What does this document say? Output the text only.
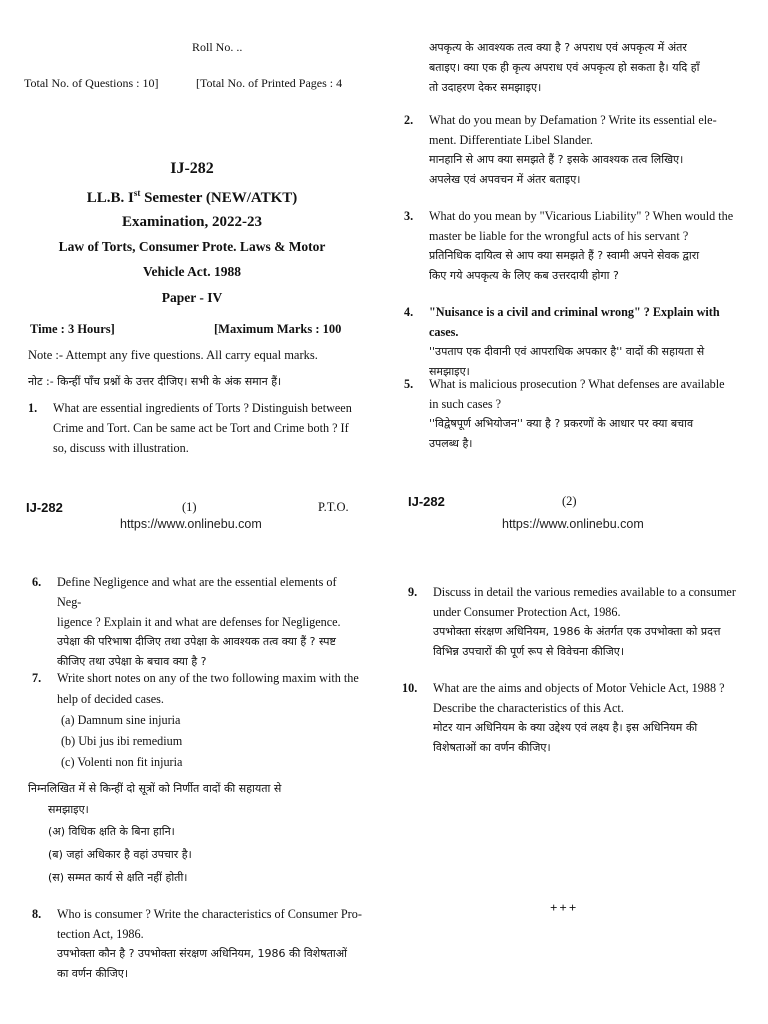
Roll No. ..
Total No. of Questions : 10]	[Total No. of Printed Pages : 4
IJ-282
LL.B. Ist Semester (NEW/ATKT)
Examination, 2022-23
Law of Torts, Consumer Prote. Laws & Motor
Vehicle Act. 1988
Paper - IV
Time : 3 Hours]	[Maximum Marks : 100
Note :- Attempt any five questions. All carry equal marks.
नोट :- किन्हीं पाँच प्रश्नों के उत्तर दीजिए। सभी के अंक समान हैं।
1. What are essential ingredients of Torts ? Distinguish between
Crime and Tort. Can be same act be Tort and Crime both ? If
so, discuss with illustration.
IJ-282	(1)	P.T.O.
https://www.onlinebu.com
अपकृत्य के आवश्यक तत्व क्या है ? अपराध एवं अपकृत्य में अंतर
बताइए। क्या एक ही कृत्य अपराध एवं अपकृत्य हो सकता है। यदि हाँ
तो उदाहरण देकर समझाइए।
2. What do you mean by Defamation ? Write its essential ele-
ment. Differentiate Libel Slander.
मानहानि से आप क्या समझते हैं ? इसके आवश्यक तत्व लिखिए।
अपलेख एवं अपवचन में अंतर बताइए।
3. What do you mean by "Vicarious Liability" ? When would the
master be liable for the wrongful acts of his servant ?
प्रतिनिधिक दायित्व से आप क्या समझते हैं ? स्वामी अपने सेवक द्वारा
किए गये अपकृत्य के लिए कब उत्तरदायी होगा ?
4. "Nuisance is a civil and criminal wrong" ? Explain with cases.
''उपताप एक दीवानी एवं आपराधिक अपकार है'' वादों की सहायता से
समझाइए।
5. What is malicious prosecution ? What defenses are available
in such cases ?
''विद्वेषपूर्ण अभियोजन'' क्या है ? प्रकरणों के आधार पर क्या बचाव
उपलब्ध है।
IJ-282	(2)
https://www.onlinebu.com
6. Define Negligence and what are the essential elements of Neg-
ligence ? Explain it and what are defenses for Negligence.
उपेक्षा की परिभाषा दीजिए तथा उपेक्षा के आवश्यक तत्व क्या हैं ? स्पष्ट
कीजिए तथा उपेक्षा के बचाव क्या है ?
7. Write short notes on any of the two following maxim with the
help of decided cases.
(a) Damnum sine injuria
(b) Ubi jus ibi remedium
(c) Volenti non fit injuria
निम्नलिखित में से किन्हीं दो सूत्रों को निर्णीत वादों की सहायता से
समझाइए।
(अ) विधिक क्षति के बिना हानि।
(ब) जहां अधिकार है वहां उपचार है।
(स) सम्मत कार्य से क्षति नहीं होती।
8. Who is consumer ? Write the characteristics of Consumer Pro-
tection Act, 1986.
उपभोक्ता कौन है ? उपभोक्ता संरक्षण अधिनियम, 1986 की विशेषताओं
का वर्णन कीजिए।
9. Discuss in detail the various remedies available to a consumer
under Consumer Protection Act, 1986.
उपभोक्ता संरक्षण अधिनियम, 1986 के अंतर्गत एक उपभोक्ता को प्रदत्त
विभिन्न उपचारों की पूर्ण रूप से विवेचना कीजिए।
10. What are the aims and objects of Motor Vehicle Act, 1988 ?
Describe the characteristics of this Act.
मोटर यान अधिनियम के क्या उद्देश्य एवं लक्ष्य है। इस अधिनियम की
विशेषताओं का वर्णन कीजिए।
+++
